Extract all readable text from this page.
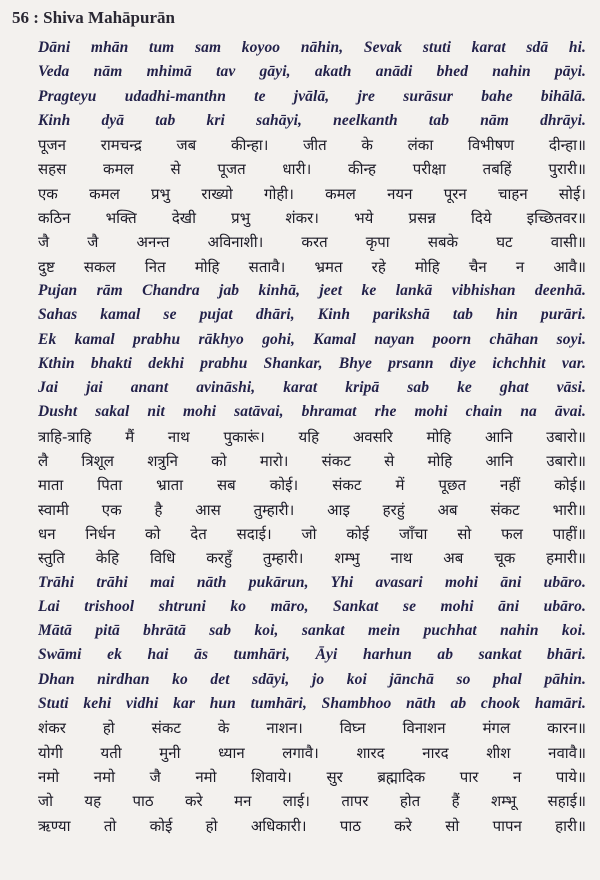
56 : Shiva Mahāpurān
Dāni mhān tum sam koyoo nāhin, Sevak stuti karat sdā hi.
Veda nām mhimā tav gāyi, akath anādi bhed nahin pāyi.
Pragteyu udadhi-manthn te jvālā, jre surāsur bahe bihālā.
Kinh dyā tab kri sahāyi, neelkanth tab nām dhrāyi.
पूजन रामचन्द्र जब कीन्हा। जीत के लंका विभीषण दीन्हा॥
सहस कमल से पूजत धारी। कीन्ह परीक्षा तबहिं पुरारी॥
एक कमल प्रभु राख्यो गोही। कमल नयन पूरन चाहन सोई।
कठिन भक्ति देखी प्रभु शंकर। भये प्रसन्न दिये इच्छितवर॥
जै जै अनन्त अविनाशी। करत कृपा सबके घट वासी॥
दुष्ट सकल नित मोहि सतावै। भ्रमत रहे मोहि चैन न आवै॥
Pujan rām Chandra jab kinhā, jeet ke lankā vibhishan deenhā.
Sahas kamal se pujat dhāri, Kinh parikshā tab hin purāri.
Ek kamal prabhu rākhyo gohi, Kamal nayan poorn chāhan soyi.
Kthin bhakti dekhi prabhu Shankar, Bhye prsann diye ichchhit var.
Jai jai anant avināshi, karat kripā sab ke ghat vāsi.
Dusht sakal nit mohi satāvai, bhramat rhe mohi chain na āvai.
त्राहि-त्राहि मैं नाथ पुकारूं। यहि अवसरि मोहि आनि उबारो॥
लै त्रिशूल शत्रुनि को मारो। संकट से मोहि आनि उबारो॥
माता पिता भ्राता सब कोई। संकट में पूछत नहीं कोई॥
स्वामी एक है आस तुम्हारी। आइ हरहुं अब संकट भारी॥
धन निर्धन को देत सदाई। जो कोई जाँचा सो फल पाहीं॥
स्तुति केहि विधि करहुँ तुम्हारी। शम्भु नाथ अब चूक हमारी॥
Trāhi trāhi mai nāth pukārun, Yhi avasari mohi āni ubāro.
Lai trishool shtruni ko māro, Sankat se mohi āni ubāro.
Mātā pitā bhrātā sab koi, sankat mein puchhat nahin koi.
Swāmi ek hai ās tumhāri, Āyi harhun ab sankat bhāri.
Dhan nirdhan ko det sdāyi, jo koi jānchā so phal pāhin.
Stuti kehi vidhi kar hun tumhāri, Shambhoo nāth ab chook hamāri.
शंकर हो संकट के नाशन। विघ्न विनाशन मंगल कारन॥
योगी यती मुनी ध्यान लगावै। शारद नारद शीश नवावै॥
नमो नमो जै नमो शिवाये। सुर ब्रह्मादिक पार न पाये॥
जो यह पाठ करे मन लाई। तापर होत हैं शम्भू सहाई॥
ऋण्या तो कोई हो अधिकारी। पाठ करे सो पापन हारी॥
